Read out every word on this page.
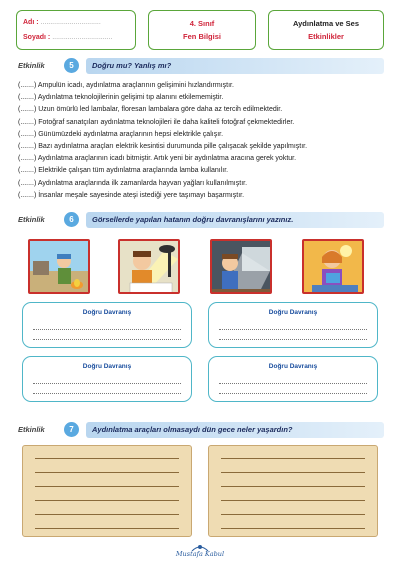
Adı : ...............................
Soyadı : ...............................
4. Sınıf
Fen Bilgisi
Aydınlatma ve Ses
Etkinlikler
Etkinlik	5	Doğru mu? Yanlış mı?
(.......) Ampulün icadı, aydınlatma araçlarının gelişimini hızlandırmıştır.
(.......) Aydınlatma teknolojilerinin gelişimi tıp alanını etkilememiştir.
(.......) Uzun ömürlü led lambalar, floresan lambalara göre daha az tercih edilmektedir.
(.......) Fotoğraf sanatçıları aydınlatma teknolojileri ile daha kaliteli fotoğraf çekmektedirler.
(.......) Günümüzdeki aydınlatma araçlarının hepsi elektrikle çalışır.
(.......) Bazı aydınlatma araçları elektrik kesintisi durumunda pille çalışacak şekilde yapılmıştır.
(.......) Aydınlatma araçlarının icadı bitmiştir. Artık yeni bir aydınlatma aracına gerek yoktur.
(.......) Elektrikle çalışan tüm aydınlatma araçlarında lamba kullanılır.
(.......) Aydınlatma araçlarında ilk zamanlarda hayvan yağları kullanılmıştır.
(.......) İnsanlar meşale sayesinde ateşi istediği yere taşımayı başarmıştır.
Etkinlik	6	Görsellerde yapılan hatanın doğru davranışlarını yazınız.
Doğru Davranış	Doğru Davranış
Doğru Davranış	Doğru Davranış
Etkinlik	7	Aydınlatma araçları olmasaydı dün gece neler yaşardın?
Mustafa Kabul
